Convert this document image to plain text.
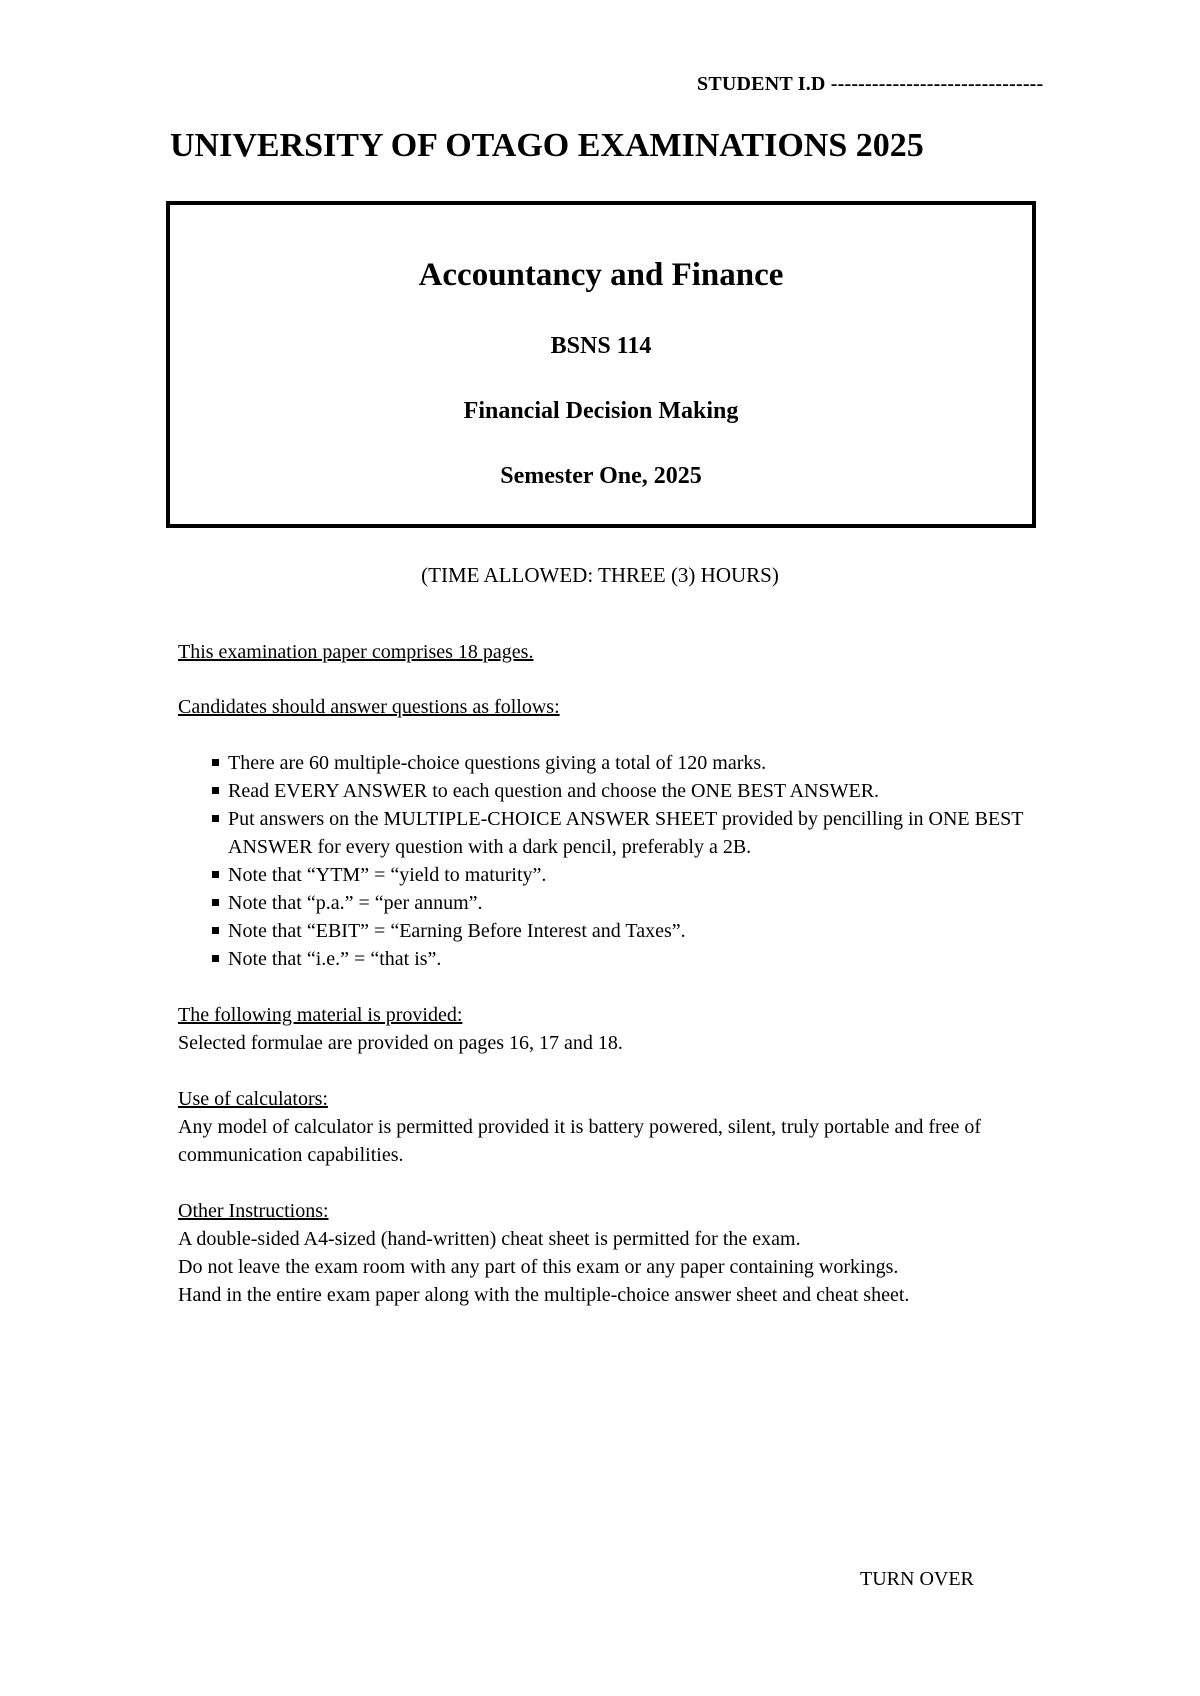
STUDENT I.D -------------------------------
UNIVERSITY OF OTAGO EXAMINATIONS 2025

Accountancy and Finance

BSNS 114

Financial Decision Making

Semester One, 2025

(TIME ALLOWED: THREE (3) HOURS)

This examination paper comprises 18 pages.

Candidates should answer questions as follows:

There are 60 multiple-choice questions giving a total of 120 marks.
Read EVERY ANSWER to each question and choose the ONE BEST ANSWER.
Put answers on the MULTIPLE-CHOICE ANSWER SHEET provided by pencilling in ONE BEST ANSWER for every question with a dark pencil, preferably a 2B.
Note that “YTM” = “yield to maturity”.
Note that “p.a.” = “per annum”.
Note that “EBIT” = “Earning Before Interest and Taxes”.
Note that “i.e.” = “that is”.

The following material is provided:

Selected formulae are provided on pages 16, 17 and 18.

Use of calculators:

Any model of calculator is permitted provided it is battery powered, silent, truly portable and free of communication capabilities.

Other Instructions:

A double-sided A4-sized (hand-written) cheat sheet is permitted for the exam.

Do not leave the exam room with any part of this exam or any paper containing workings.

Hand in the entire exam paper along with the multiple-choice answer sheet and cheat sheet.

TURN OVER
